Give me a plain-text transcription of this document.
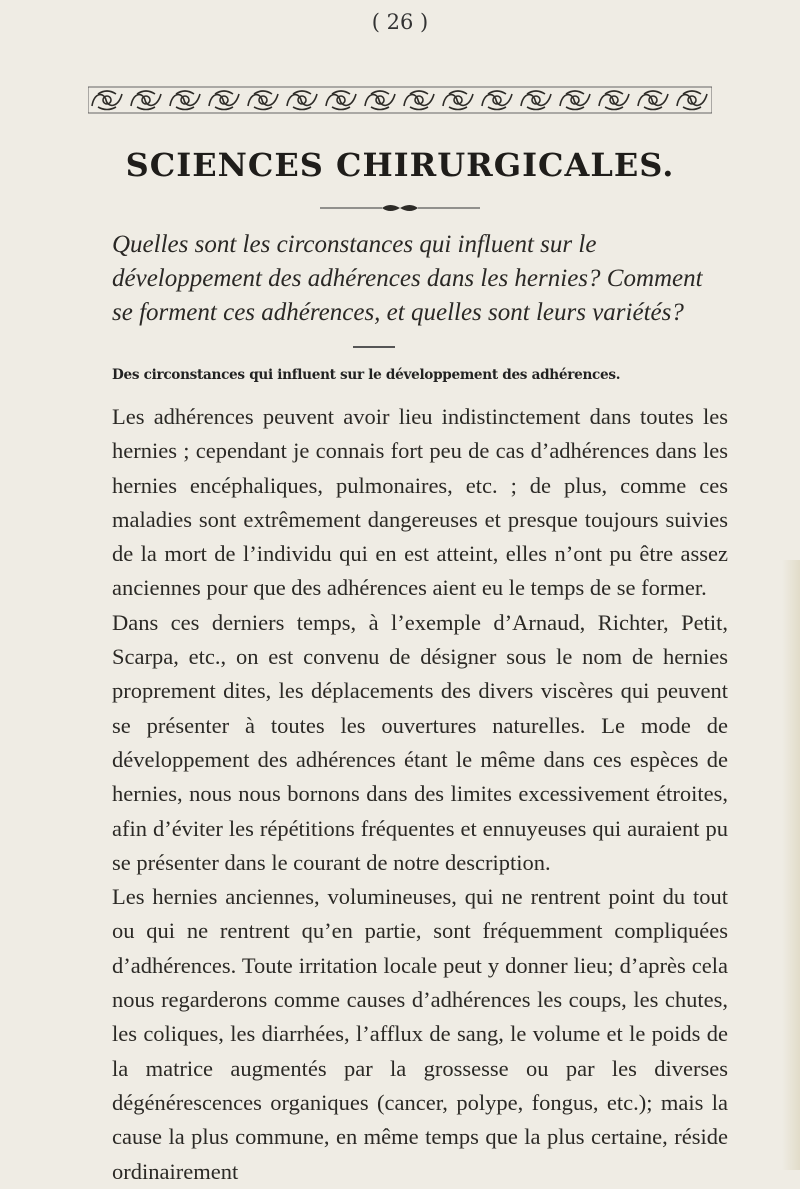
( 26 )
SCIENCES CHIRURGICALES.
Quelles sont les circonstances qui influent sur le développement des adhérences dans les hernies? Comment se forment ces adhérences, et quelles sont leurs variétés?
Des circonstances qui influent sur le développement des adhérences.

Les adhérences peuvent avoir lieu indistinctement dans toutes les hernies ; cependant je connais fort peu de cas d’adhérences dans les hernies encéphaliques, pulmonaires, etc. ; de plus, comme ces maladies sont extrêmement dangereuses et presque toujours suivies de la mort de l’individu qui en est atteint, elles n’ont pu être assez anciennes pour que des adhérences aient eu le temps de se former.

Dans ces derniers temps, à l’exemple d’Arnaud, Richter, Petit, Scarpa, etc., on est convenu de désigner sous le nom de hernies proprement dites, les déplacements des divers viscères qui peuvent se présenter à toutes les ouvertures naturelles. Le mode de développement des adhérences étant le même dans ces espèces de hernies, nous nous bornons dans des limites excessivement étroites, afin d’éviter les répétitions fréquentes et ennuyeuses qui auraient pu se présenter dans le courant de notre description.

Les hernies anciennes, volumineuses, qui ne rentrent point du tout ou qui ne rentrent qu’en partie, sont fréquemment compliquées d’adhérences. Toute irritation locale peut y donner lieu; d’après cela nous regarderons comme causes d’adhérences les coups, les chutes, les coliques, les diarrhées, l’afflux de sang, le volume et le poids de la matrice augmentés par la grossesse ou par les diverses dégénérescences organiques (cancer, polype, fongus, etc.); mais la cause la plus commune, en même temps que la plus certaine, réside ordinairement
